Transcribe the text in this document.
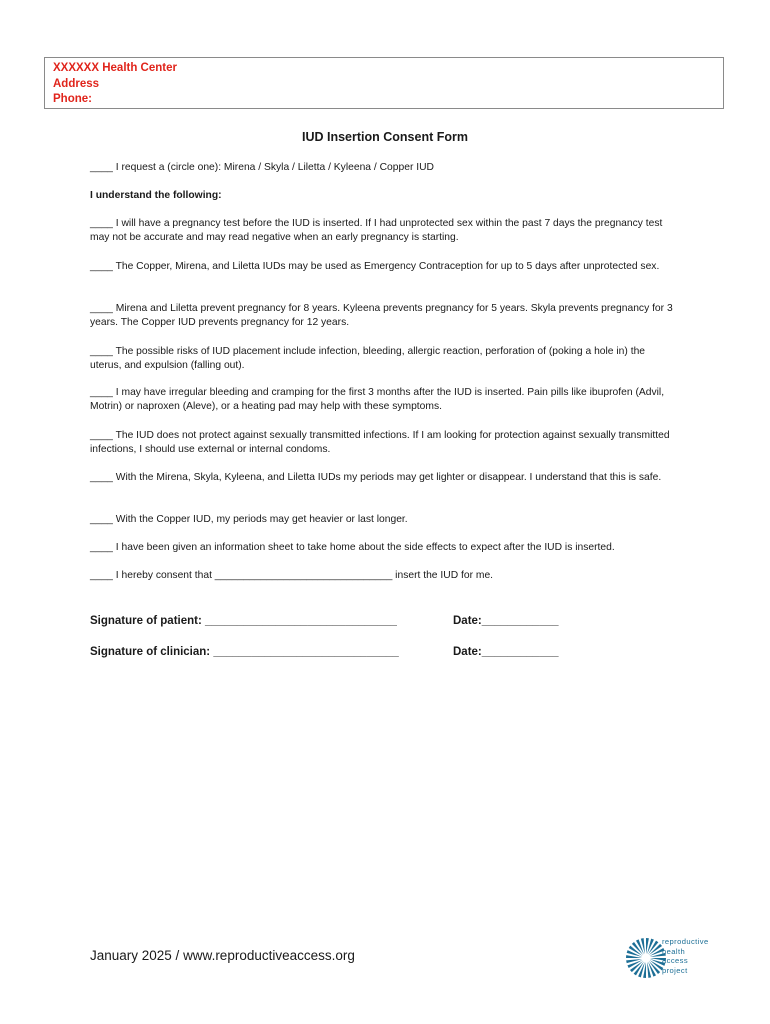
XXXXXX Health Center
Address
Phone:
IUD Insertion Consent Form
____ I request a (circle one): Mirena / Skyla / Liletta / Kyleena / Copper IUD
I understand the following:
____ I will have a pregnancy test before the IUD is inserted. If I had unprotected sex within the past 7 days the pregnancy test may not be accurate and may read negative when an early pregnancy is starting.
____ The Copper, Mirena, and Liletta IUDs may be used as Emergency Contraception for up to 5 days after unprotected sex.
____ Mirena and Liletta prevent pregnancy for 8 years. Kyleena prevents pregnancy for 5 years. Skyla prevents pregnancy for 3 years. The Copper IUD prevents pregnancy for 12 years.
____ The possible risks of IUD placement include infection, bleeding, allergic reaction, perforation of (poking a hole in) the uterus, and expulsion (falling out).
____ I may have irregular bleeding and cramping for the first 3 months after the IUD is inserted. Pain pills like ibuprofen (Advil, Motrin) or naproxen (Aleve), or a heating pad may help with these symptoms.
____ The IUD does not protect against sexually transmitted infections. If I am looking for protection against sexually transmitted infections, I should use external or internal condoms.
____ With the Mirena, Skyla, Kyleena, and Liletta IUDs my periods may get lighter or disappear. I understand that this is safe.
____ With the Copper IUD, my periods may get heavier or last longer.
____ I have been given an information sheet to take home about the side effects to expect after the IUD is inserted.
____ I hereby consent that _______________________________ insert the IUD for me.
Signature of patient: ______________________________	Date:____________
Signature of clinician: _____________________________	Date:____________
January 2025 / www.reproductiveaccess.org
reproductive
health
access
project
